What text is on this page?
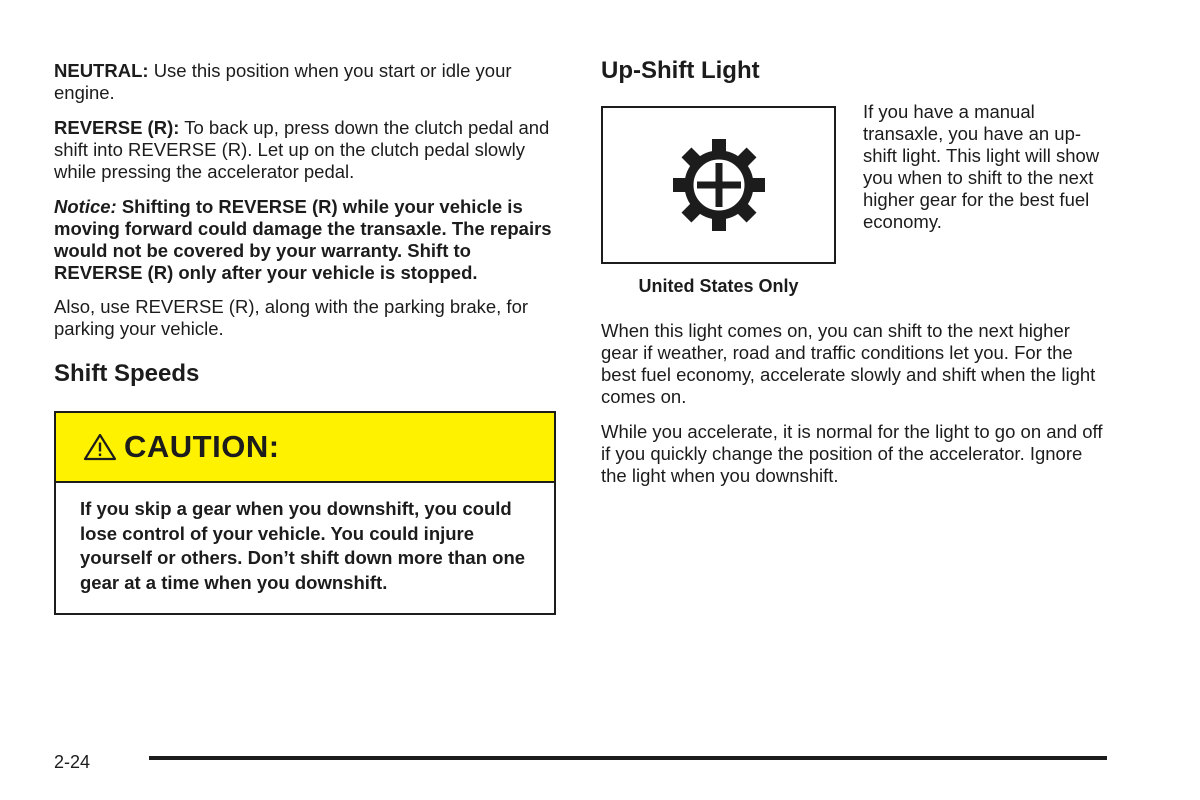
NEUTRAL: Use this position when you start or idle your engine.

REVERSE (R): To back up, press down the clutch pedal and shift into REVERSE (R). Let up on the clutch pedal slowly while pressing the accelerator pedal.

Notice: Shifting to REVERSE (R) while your vehicle is moving forward could damage the transaxle. The repairs would not be covered by your warranty. Shift to REVERSE (R) only after your vehicle is stopped.

Also, use REVERSE (R), along with the parking brake, for parking your vehicle.

Shift Speeds
CAUTION:
If you skip a gear when you downshift, you could lose control of your vehicle. You could injure yourself or others. Don’t shift down more than one gear at a time when you downshift.
Up-Shift Light

If you have a manual transaxle, you have an up-shift light. This light will show you when to shift to the next higher gear for the best fuel economy.

United States Only

When this light comes on, you can shift to the next higher gear if weather, road and traffic conditions let you. For the best fuel economy, accelerate slowly and shift when the light comes on.

While you accelerate, it is normal for the light to go on and off if you quickly change the position of the accelerator. Ignore the light when you downshift.

2-24
